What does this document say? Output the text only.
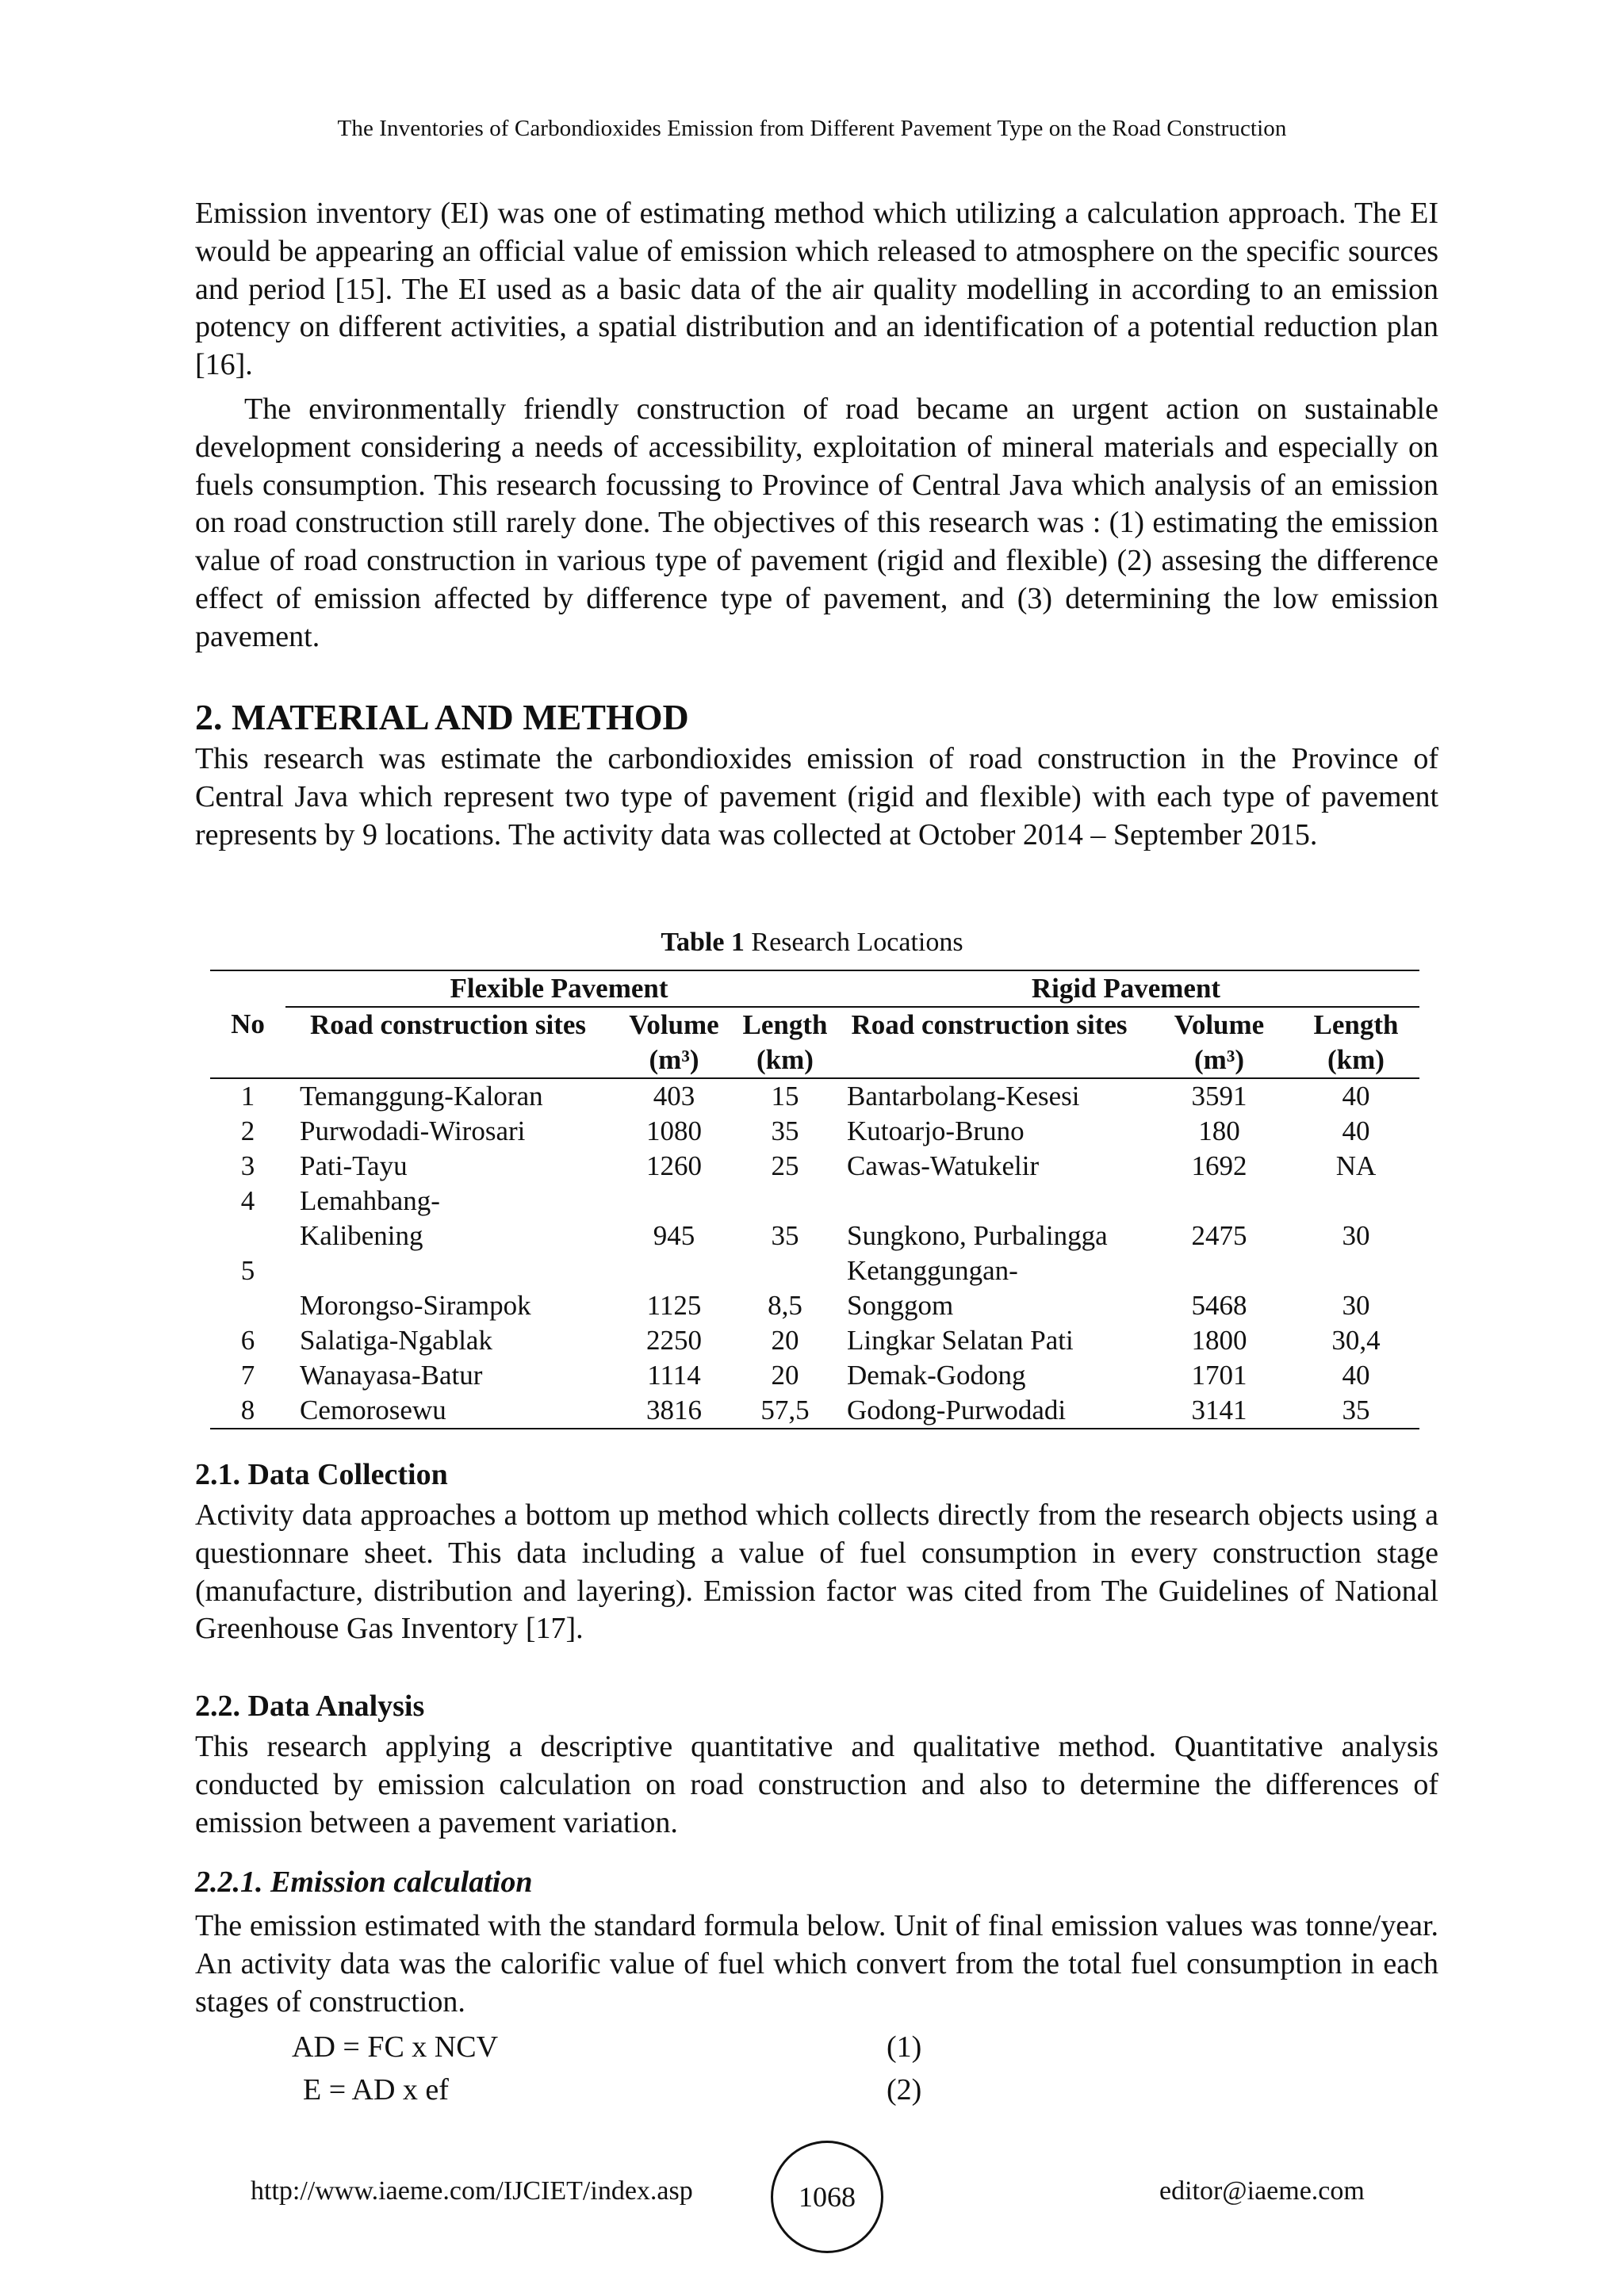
The Inventories of Carbondioxides Emission from Different Pavement Type on the Road Construction

Emission inventory (EI) was one of estimating method which utilizing a calculation approach. The EI would be appearing an official value of emission which released to atmosphere on the specific sources and period [15]. The EI used as a basic data of the air quality modelling in according to an emission potency on different activities, a spatial distribution and an identification of a potential reduction plan [16].

The environmentally friendly construction of road became an urgent action on sustainable development considering a needs of accessibility, exploitation of mineral materials and especially on fuels consumption. This research focussing to Province of Central Java which analysis of an emission on road construction still rarely done. The objectives of this research was : (1) estimating the emission value of road construction in various type of pavement (rigid and flexible) (2) assesing the difference effect of emission affected by difference type of pavement, and (3) determining the low emission pavement.

2. MATERIAL AND METHOD

This research was estimate the carbondioxides emission of road construction in the Province of Central Java which represent two type of pavement (rigid and flexible) with each type of pavement represents by 9 locations. The activity data was collected at October 2014 – September 2015.

Table 1 Research Locations
	Flexible Pavement			Rigid Pavement		
No	Road construction sites	Volume (m³)	Length (km)	Road construction sites	Volume (m³)	Length (km)
1	Temanggung-Kaloran	403	15	Bantarbolang-Kesesi	3591	40
2	Purwodadi-Wirosari	1080	35	Kutoarjo-Bruno	180	40
3	Pati-Tayu	1260	25	Cawas-Watukelir	1692	NA
4	Lemahbang-					
	Kalibening	945	35	Sungkono, Purbalingga	2475	30
5				Ketanggungan-		
	Morongso-Sirampok	1125	8,5	Songgom	5468	30
6	Salatiga-Ngablak	2250	20	Lingkar Selatan Pati	1800	30,4
7	Wanayasa-Batur	1114	20	Demak-Godong	1701	40
8	Cemorosewu	3816	57,5	Godong-Purwodadi	3141	35
2.1. Data Collection

Activity data approaches a bottom up method which collects directly from the research objects using a questionnare sheet. This data including a value of fuel consumption in every construction stage (manufacture, distribution and layering). Emission factor was cited from The Guidelines of National Greenhouse Gas Inventory [17].

2.2. Data Analysis

This research applying a descriptive quantitative and qualitative method. Quantitative analysis conducted by emission calculation on road construction and also to determine the differences of emission between a pavement variation.

2.2.1. Emission calculation

The emission estimated with the standard formula below. Unit of final emission values was tonne/year. An activity data was the calorific value of fuel which convert from the total fuel consumption in each stages of construction.

AD = FC x NCV	(1)
E = AD x ef	(2)
http://www.iaeme.com/IJCIET/index.asp	1068	editor@iaeme.com
